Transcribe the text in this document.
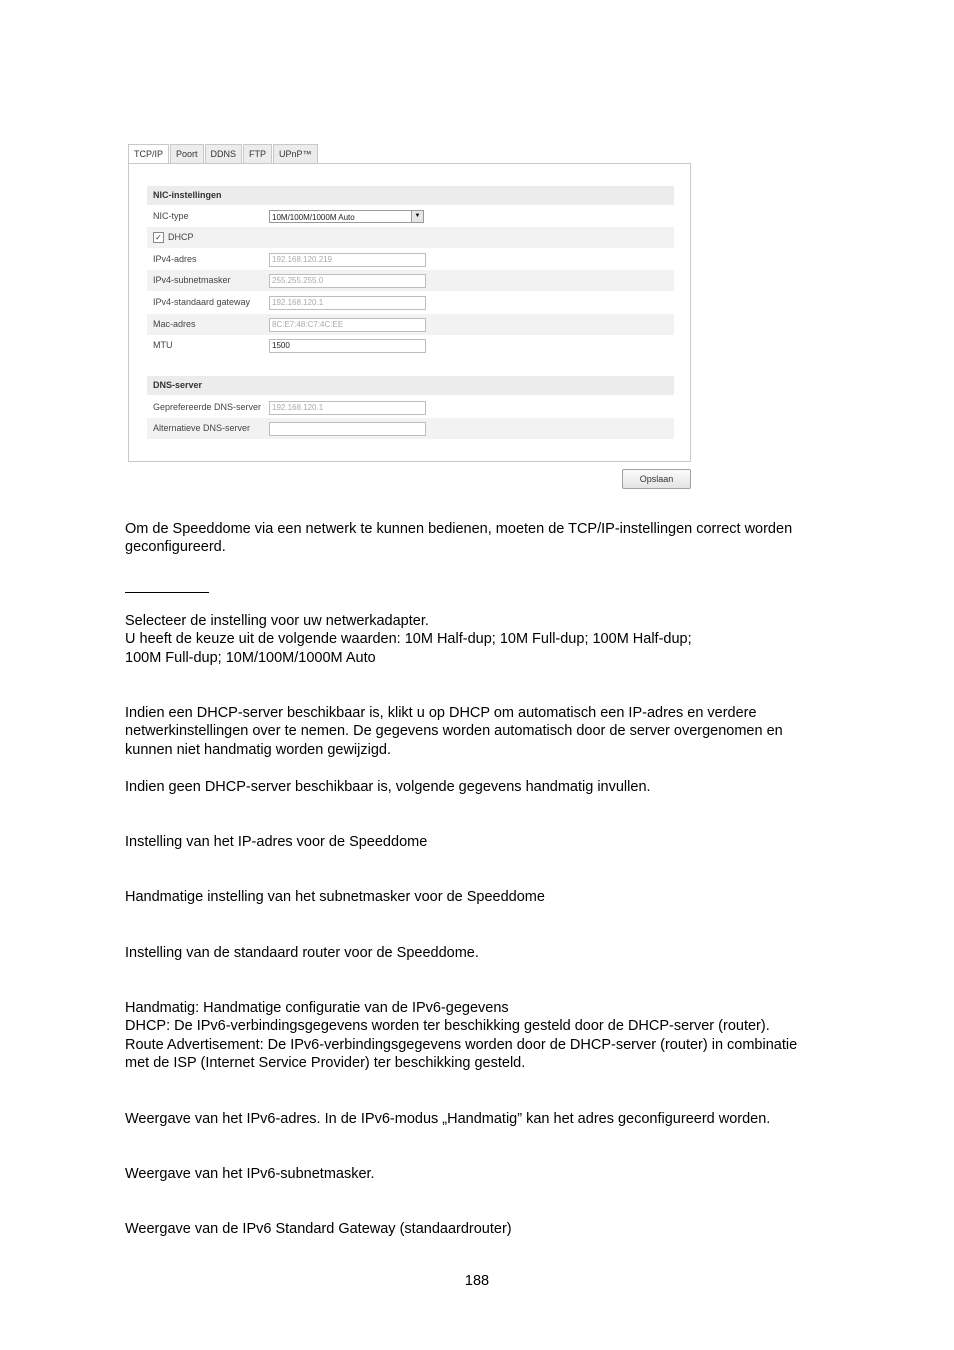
TCP/IP	Poort	DDNS	FTP	UPnP™
NIC-instellingen
NIC-type	10M/100M/1000M Auto	▼
✓ DHCP
IPv4-adres	192.168.120.219
IPv4-subnetmasker	255.255.255.0
IPv4-standaard gateway	192.168.120.1
Mac-adres	8C:E7:48:C7:4C:EE
MTU	1500
DNS-server
Geprefereerde DNS-server	192.168.120.1
Alternatieve DNS-server
Opslaan
Om de Speeddome via een netwerk te kunnen bedienen, moeten de TCP/IP-instellingen correct worden
geconfigureerd.
Selecteer de instelling voor uw netwerkadapter.
U heeft de keuze uit de volgende waarden: 10M Half-dup; 10M Full-dup; 100M Half-dup;
100M Full-dup; 10M/100M/1000M Auto
Indien een DHCP-server beschikbaar is, klikt u op DHCP om automatisch een IP-adres en verdere
netwerkinstellingen over te nemen. De gegevens worden automatisch door de server overgenomen en
kunnen niet handmatig worden gewijzigd.
Indien geen DHCP-server beschikbaar is, volgende gegevens handmatig invullen.
Instelling van het IP-adres voor de Speeddome
Handmatige instelling van het subnetmasker voor de Speeddome
Instelling van de standaard router voor de Speeddome.
Handmatig: Handmatige configuratie van de IPv6-gegevens
DHCP: De IPv6-verbindingsgegevens worden ter beschikking gesteld door de DHCP-server (router).
Route Advertisement: De IPv6-verbindingsgegevens worden door de DHCP-server (router) in combinatie
met de ISP (Internet Service Provider) ter beschikking gesteld.
Weergave van het IPv6-adres. In de IPv6-modus „Handmatig” kan het adres geconfigureerd worden.
Weergave van het IPv6-subnetmasker.
Weergave van de IPv6 Standard Gateway (standaardrouter)
188
